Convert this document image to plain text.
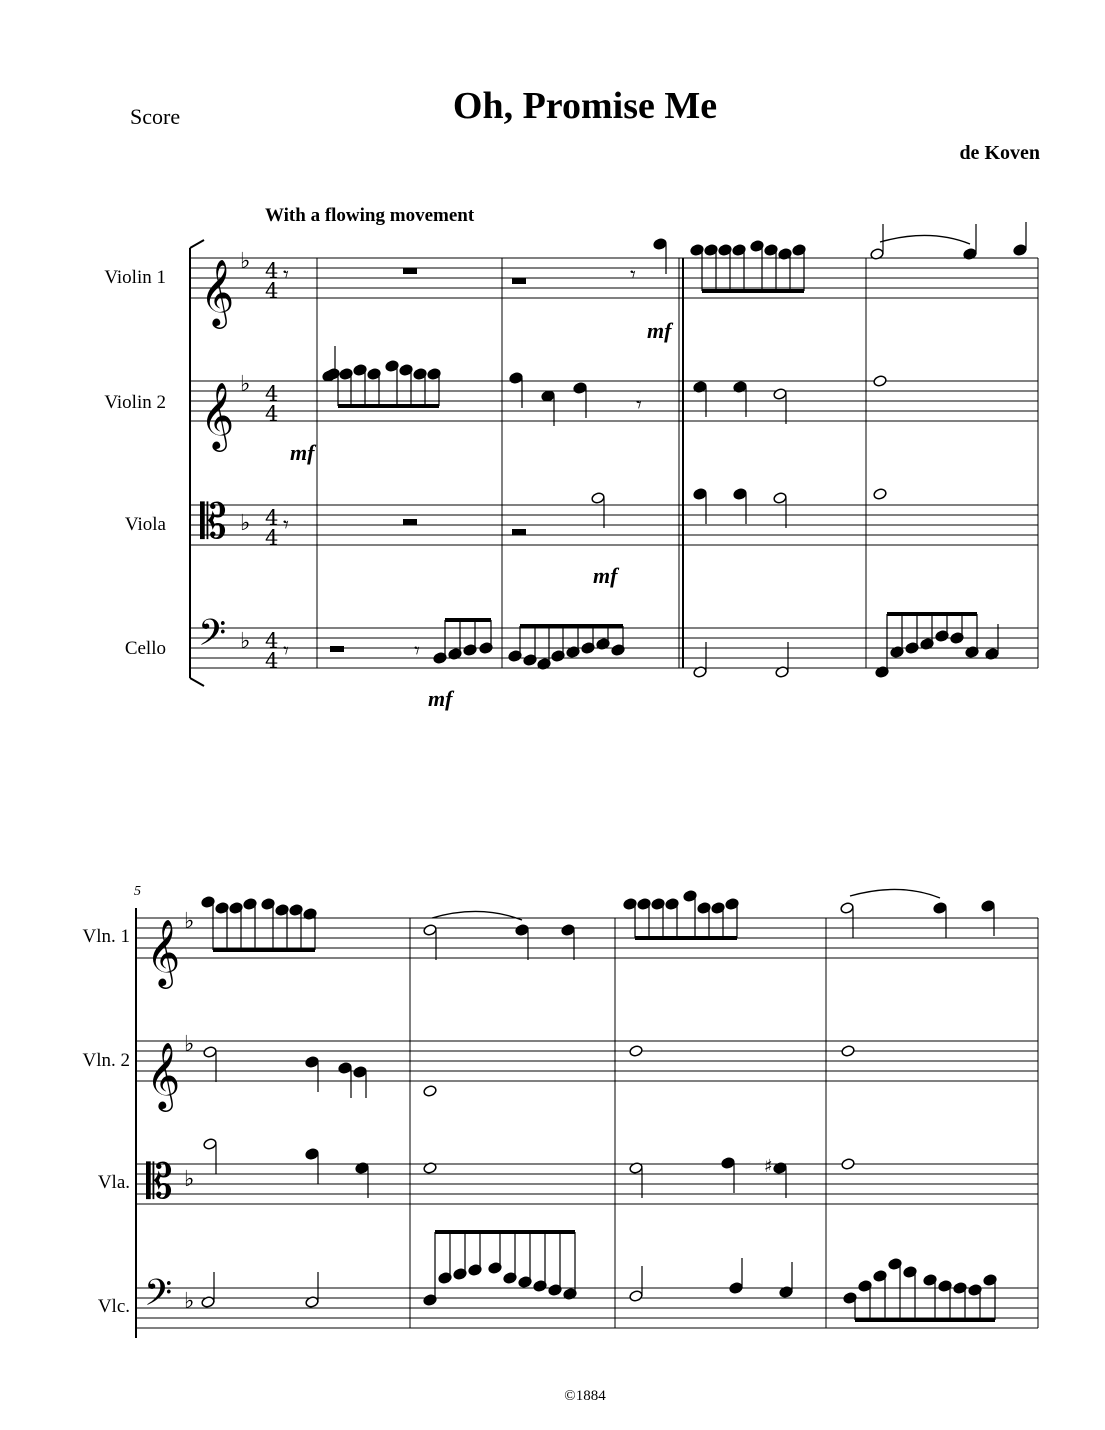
Score	Oh, Promise Me
de Koven
With a flowing movement
Violin 1
Violin 2
Viola
Cello
mf
mf
mf
mf
5
Vln. 1
Vln. 2
Vla.
Vlc.
©1884
𝄞
𝄞
𝄡
𝄢
♭
♭
♭
♭
4
4
4
4
4
4
4
4
𝄞
𝄞
𝄡
𝄢
♭
♭
♭
♭
𝄾	𝄾
𝄾
𝄾
𝄾	𝄾
♯
